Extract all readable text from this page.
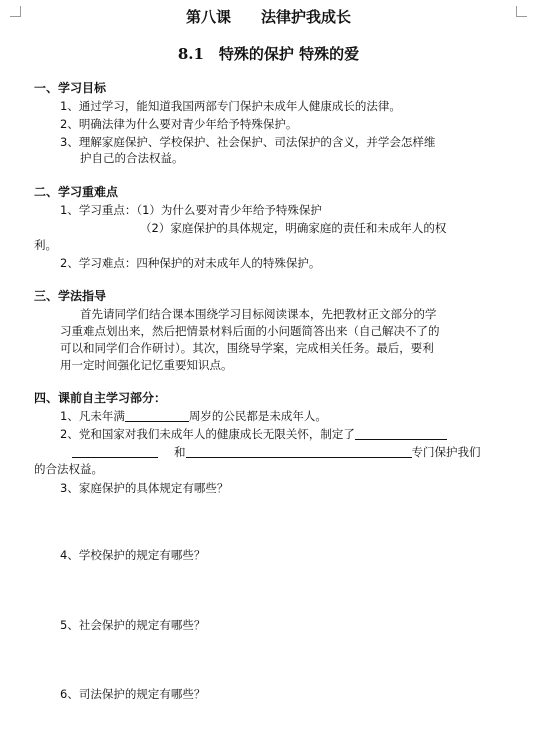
第八课　　法律护我成长
8.1　特殊的保护 特殊的爱
一、学习目标
1、通过学习，能知道我国两部专门保护未成年人健康成长的法律。
2、明确法律为什么要对青少年给予特殊保护。
3、理解家庭保护、学校保护、社会保护、司法保护的含义，并学会怎样维
护自己的合法权益。
二、学习重难点
1、学习重点：（1）为什么要对青少年给予特殊保护
（2）家庭保护的具体规定，明确家庭的责任和未成年人的权
利。
2、学习难点：四种保护的对未成年人的特殊保护。
三、学法指导
首先请同学们结合课本围绕学习目标阅读课本，先把教材正文部分的学
习重难点划出来，然后把情景材料后面的小问题简答出来（自己解决不了的
可以和同学们合作研讨）。其次，围绕导学案，完成相关任务。最后，要利
用一定时间强化记忆重要知识点。
四、课前自主学习部分：
1、凡未年满	周岁的公民都是未成年人。
2、党和国家对我们未成年人的健康成长无限关怀，制定了
和	专门保护我们
的合法权益。
3、家庭保护的具体规定有哪些？
4、学校保护的规定有哪些？
5、社会保护的规定有哪些？
6、司法保护的规定有哪些？
